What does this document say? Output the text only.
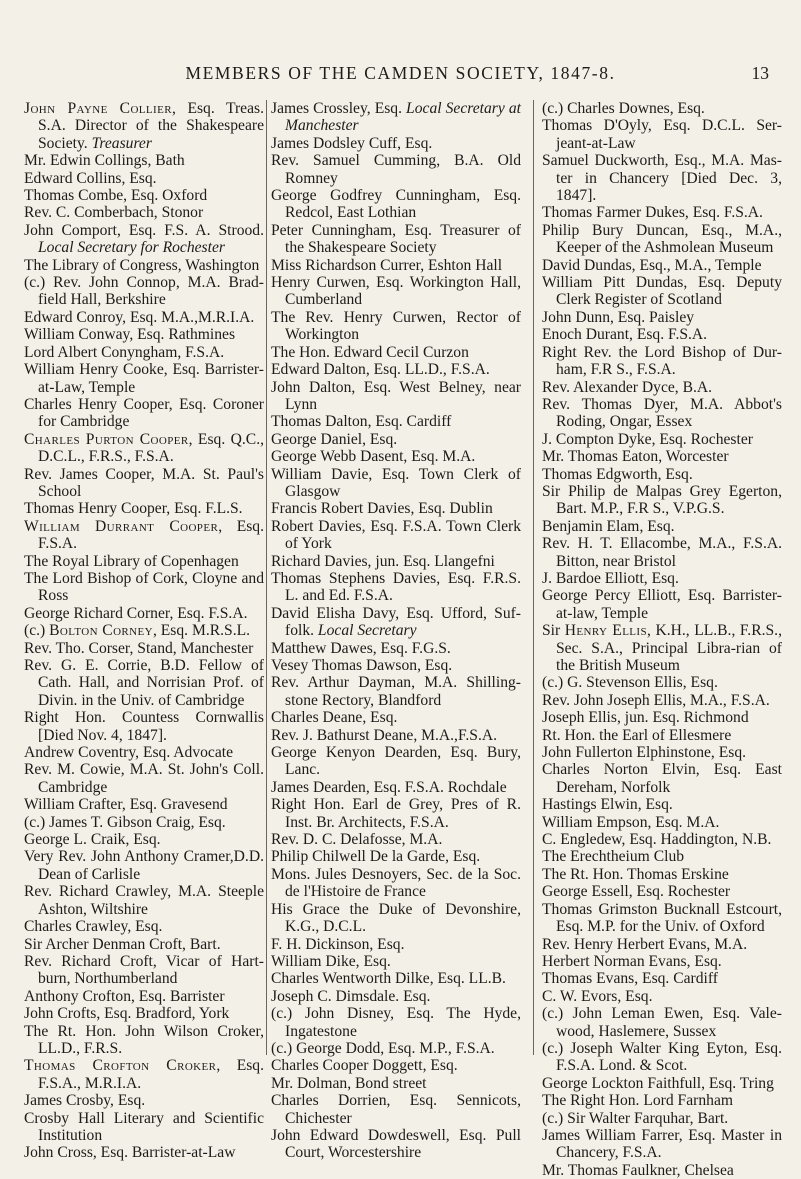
MEMBERS OF THE CAMDEN SOCIETY, 1847-8.	13

John Payne Collier, Esq. Treas. S.A. Director of the Shakespeare Society. Treasurer

Mr. Edwin Collings, Bath

Edward Collins, Esq.

Thomas Combe, Esq. Oxford

Rev. C. Comberbach, Stonor

John Comport, Esq. F.S. A. Strood. Local Secretary for Rochester

The Library of Congress, Washington

(c.) Rev. John Connop, M.A. Brad-field Hall, Berkshire

Edward Conroy, Esq. M.A.,M.R.I.A.

William Conway, Esq. Rathmines

Lord Albert Conyngham, F.S.A.

William Henry Cooke, Esq. Barrister-at-Law, Temple

Charles Henry Cooper, Esq. Coroner for Cambridge

Charles Purton Cooper, Esq. Q.C., D.C.L., F.R.S., F.S.A.

Rev. James Cooper, M.A. St. Paul's School

Thomas Henry Cooper, Esq. F.L.S.

William Durrant Cooper, Esq. F.S.A.

The Royal Library of Copenhagen

The Lord Bishop of Cork, Cloyne and Ross

George Richard Corner, Esq. F.S.A.

(c.) Bolton Corney, Esq. M.R.S.L.

Rev. Tho. Corser, Stand, Manchester

Rev. G. E. Corrie, B.D. Fellow of Cath. Hall, and Norrisian Prof. of Divin. in the Univ. of Cambridge

Right Hon. Countess Cornwallis [Died Nov. 4, 1847].

Andrew Coventry, Esq. Advocate

Rev. M. Cowie, M.A. St. John's Coll. Cambridge

William Crafter, Esq. Gravesend

(c.) James T. Gibson Craig, Esq.

George L. Craik, Esq.

Very Rev. John Anthony Cramer,D.D. Dean of Carlisle

Rev. Richard Crawley, M.A. Steeple Ashton, Wiltshire

Charles Crawley, Esq.

Sir Archer Denman Croft, Bart.

Rev. Richard Croft, Vicar of Hart-burn, Northumberland

Anthony Crofton, Esq. Barrister

John Crofts, Esq. Bradford, York

The Rt. Hon. John Wilson Croker, LL.D., F.R.S.

Thomas Crofton Croker, Esq. F.S.A., M.R.I.A.

James Crosby, Esq.

Crosby Hall Literary and Scientific Institution

John Cross, Esq. Barrister-at-Law

James Crossley, Esq. Local Secretary at Manchester

James Dodsley Cuff, Esq.

Rev. Samuel Cumming, B.A. Old Romney

George Godfrey Cunningham, Esq. Redcol, East Lothian

Peter Cunningham, Esq. Treasurer of the Shakespeare Society

Miss Richardson Currer, Eshton Hall

Henry Curwen, Esq. Workington Hall, Cumberland

The Rev. Henry Curwen, Rector of Workington

The Hon. Edward Cecil Curzon

Edward Dalton, Esq. LL.D., F.S.A.

John Dalton, Esq. West Belney, near Lynn

Thomas Dalton, Esq. Cardiff

George Daniel, Esq.

George Webb Dasent, Esq. M.A.

William Davie, Esq. Town Clerk of Glasgow

Francis Robert Davies, Esq. Dublin

Robert Davies, Esq. F.S.A. Town Clerk of York

Richard Davies, jun. Esq. Llangefni

Thomas Stephens Davies, Esq. F.R.S. L. and Ed. F.S.A.

David Elisha Davy, Esq. Ufford, Suf-folk. Local Secretary

Matthew Dawes, Esq. F.G.S.

Vesey Thomas Dawson, Esq.

Rev. Arthur Dayman, M.A. Shilling-stone Rectory, Blandford

Charles Deane, Esq.

Rev. J. Bathurst Deane, M.A.,F.S.A.

George Kenyon Dearden, Esq. Bury, Lanc.

James Dearden, Esq. F.S.A. Rochdale

Right Hon. Earl de Grey, Pres of R. Inst. Br. Architects, F.S.A.

Rev. D. C. Delafosse, M.A.

Philip Chilwell De la Garde, Esq.

Mons. Jules Desnoyers, Sec. de la Soc. de l'Histoire de France

His Grace the Duke of Devonshire, K.G., D.C.L.

F. H. Dickinson, Esq.

William Dike, Esq.

Charles Wentworth Dilke, Esq. LL.B.

Joseph C. Dimsdale. Esq.

(c.) John Disney, Esq. The Hyde, Ingatestone

(c.) George Dodd, Esq. M.P., F.S.A.

Charles Cooper Doggett, Esq.

Mr. Dolman, Bond street

Charles Dorrien, Esq. Sennicots, Chichester

John Edward Dowdeswell, Esq. Pull Court, Worcestershire

(c.) Charles Downes, Esq.

Thomas D'Oyly, Esq. D.C.L. Ser-jeant-at-Law

Samuel Duckworth, Esq., M.A. Mas-ter in Chancery [Died Dec. 3, 1847].

Thomas Farmer Dukes, Esq. F.S.A.

Philip Bury Duncan, Esq., M.A., Keeper of the Ashmolean Museum

David Dundas, Esq., M.A., Temple

William Pitt Dundas, Esq. Deputy Clerk Register of Scotland

John Dunn, Esq. Paisley

Enoch Durant, Esq. F.S.A.

Right Rev. the Lord Bishop of Dur-ham, F.R S., F.S.A.

Rev. Alexander Dyce, B.A.

Rev. Thomas Dyer, M.A. Abbot's Roding, Ongar, Essex

J. Compton Dyke, Esq. Rochester

Mr. Thomas Eaton, Worcester

Thomas Edgworth, Esq.

Sir Philip de Malpas Grey Egerton, Bart. M.P., F.R S., V.P.G.S.

Benjamin Elam, Esq.

Rev. H. T. Ellacombe, M.A., F.S.A. Bitton, near Bristol

J. Bardoe Elliott, Esq.

George Percy Elliott, Esq. Barrister-at-law, Temple

Sir Henry Ellis, K.H., LL.B., F.R.S., Sec. S.A., Principal Libra-rian of the British Museum

(c.) G. Stevenson Ellis, Esq.

Rev. John Joseph Ellis, M.A., F.S.A.

Joseph Ellis, jun. Esq. Richmond

Rt. Hon. the Earl of Ellesmere

John Fullerton Elphinstone, Esq.

Charles Norton Elvin, Esq. East Dereham, Norfolk

Hastings Elwin, Esq.

William Empson, Esq. M.A.

C. Engledew, Esq. Haddington, N.B.

The Erechtheium Club

The Rt. Hon. Thomas Erskine

George Essell, Esq. Rochester

Thomas Grimston Bucknall Estcourt, Esq. M.P. for the Univ. of Oxford

Rev. Henry Herbert Evans, M.A.

Herbert Norman Evans, Esq.

Thomas Evans, Esq. Cardiff

C. W. Evors, Esq.

(c.) John Leman Ewen, Esq. Vale-wood, Haslemere, Sussex

(c.) Joseph Walter King Eyton, Esq. F.S.A. Lond. & Scot.

George Lockton Faithfull, Esq. Tring

The Right Hon. Lord Farnham

(c.) Sir Walter Farquhar, Bart.

James William Farrer, Esq. Master in Chancery, F.S.A.

Mr. Thomas Faulkner, Chelsea
